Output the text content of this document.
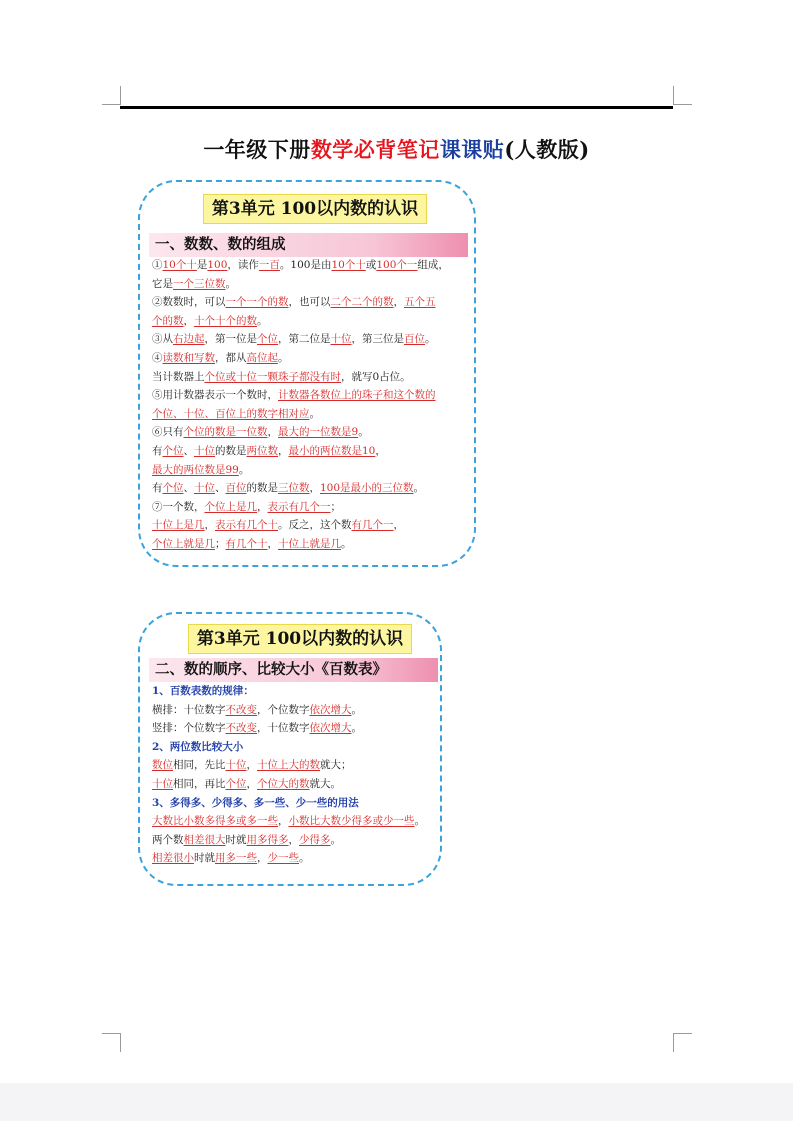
一年级下册数学必背笔记课课贴(人教版)
第3单元 100以内数的认识
一、数数、数的组成
①10个十是100，读作一百。100是由10个十或100个一组成，
它是一个三位数。
②数数时，可以一个一个的数，也可以二个二个的数，五个五
个的数，十个十个的数。
③从右边起，第一位是个位，第二位是十位，第三位是百位。
④读数和写数，都从高位起。
当计数器上个位或十位一颗珠子都没有时，就写0占位。
⑤用计数器表示一个数时，计数器各数位上的珠子和这个数的
个位、十位、百位上的数字相对应。
⑥只有个位的数是一位数，最大的一位数是9。
有个位、十位的数是两位数，最小的两位数是10，
最大的两位数是99。
有个位、十位、百位的数是三位数，100是最小的三位数。
⑦一个数，个位上是几，表示有几个一；
十位上是几，表示有几个十。反之，这个数有几个一，
个位上就是几；有几个十，十位上就是几。
第3单元 100以内数的认识
二、数的顺序、比较大小《百数表》
1、百数表数的规律：
横排：十位数字不改变，个位数字依次增大。
竖排：个位数字不改变，十位数字依次增大。
2、两位数比较大小
数位相同，先比十位，十位上大的数就大；
十位相同，再比个位，个位大的数就大。
3、多得多、少得多、多一些、少一些的用法
大数比小数多得多或多一些，小数比大数少得多或少一些。
两个数相差很大时就用多得多，少得多。
相差很小时就用多一些，少一些。
